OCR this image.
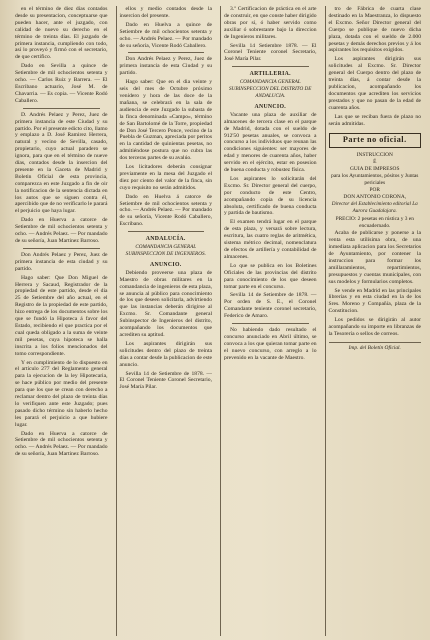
en el término de diez días contados desde su presentacion, conceptuarse que pueden hacer, ante el juzgado, con calidad de nuevo su derecho en el término de treinta días. El juzgado de primera instancia, cumpliendo con todo, así lo proveyó y firmó con el secretario, de que certifico.

Dado en Sevilla a quince de Setiembre de mil ochocientos setenta y ocho. — Carlos Ruiz y Barrera. — El Escribano actuario, José M. de Chavarria. — Es copia. — Vicente Rodó Caballero.

D. Andrés Pelaez y Perez, Juez de primera instancia de este Ciudad y su partido. Por el presente edicto cito, llamo y emplazo a D. José Ramirez Herrera, natural y vecino de Sevilla, casado, propietario, cuyo actual paradero se ignora, para que en el término de nueve días, contados desde la insercion del presente en la Gaceta de Madrid y Boletin Oficial de esta provincia, comparezca en este Juzgado a fin de oir la notificacion de la sentencia dictada en los autos que se siguen contra él, apercibido que de no verificarlo le parará el perjuicio que haya lugar.

Dado en Huerva a catorce de Setiembre de mil ochocientos setenta y ocho. — Andrés Pelaez. — Por mandado de su señoría, Juan Martinez Barroso.

Don Andrés Pelaez y Perez, Juez de primera instancia de esta ciudad y su partido.

Hago saber: Que Don Miguel de Herrera y Sacaud, Registrador de la propiedad de este partido, desde el dia 25 de Setiembre del año actual, en el Registro de la propiedad de este partido, hizo entrega de los documentos sobre los que se fundó la Hipoteca á favor del Estado, recibiendo el que practica por el cual queda obligado a la suma de veinte mil pesetas, cuya hipoteca se halla inscrita a los folios mencionados del tomo correspondiente.

Y en cumplimiento de lo dispuesto en el artículo 277 del Reglamento general para la ejecucion de la ley Hipotecaria, se hace público por medio del presente para que los que se crean con derecho a reclamar dentro del plazo de treinta días lo verifiquen ante este Juzgado; pues pasado dicho término sin haberlo hecho les parará el perjuicio a que hubiere lugar.

Dado en Huerva a catorce de Setiembre de mil ochocientos setenta y ocho. — Andrés Pelaez. — Por mandado de su señoría, Juan Martinez Barroso.

ellos y medio contados desde la insercion del presente.

Dado en Huelva a quince de Setiembre de mil ochocientos setenta y ocho. — Andrés Pelaez. — Por mandado de su señoría, Vicente Rodó Caballero.

Don Andrés Pelaez y Perez, Juez de primera instancia de esta Ciudad y su partido.

Hago saber: Que en el dia veinte y seis del mes de Octubre próximo venidero y hora de las doce de la mañana, se celebrará en la sala de audiencia de este Juzgado la subasta de la finca denominada «Campo», término de San Bartolomé de la Torre, propiedad de Don José Tercero Ponce, vecino de la Puebla de Guzman, apreciada por peritos en la cantidad de quinientas pesetas, no admitiéndose postura que no cubra las dos terceras partes de su avalúo.

Los licitadores deberán consignar previamente en la mesa del Juzgado el diez por ciento del valor de la finca, sin cuyo requisito no serán admitidos.

Dado en Huelva á catorce de Setiembre de mil ochocientos setenta y ocho. — Andrés Pelaez. — Por mandado de su señoría, Vicente Rodó Caballero, Escribano.

ANDALUCÍA.
COMANDANCIA GENERAL SUBINSPECCION DE INGENIEROS.
ANUNCIO.

Debiendo proveerse una plaza de Maestro de obras militares en la comandancia de ingenieros de esta plaza, se anuncia al público para conocimiento de los que deseen solicitarla, advirtiendo que las instancias deberán dirigirse al Excmo. Sr. Comandante general Subinspector de Ingenieros del distrito, acompañando los documentos que acrediten su aptitud.

Los aspirantes dirigirán sus solicitudes dentro del plazo de treinta días a contar desde la publicacion de este anuncio.

Sevilla 14 de Setiembre de 1878. — El Coronel Teniente Coronel Secretario, José María Pilar.

3.º Certificacion de práctica en el arte de construir, en que conste haber dirigido obras por sí, ó haber servido como auxiliar ó sobrestante bajo la direccion de Ingenieros militares.

Sevilla 14 Setiembre 1878. — El Coronel Teniente coronel Secretario, José María Pilar.

ARTILLERIA.
COMANDANCIA GENERAL SUBINSPECCION DEL DISTRITO DE ANDALUCIA.
ANUNCIO.

Vacante una plaza de auxiliar de almacenes de tercera clase en el parque de Madrid, dotada con el sueldo de 912'50 pesetas anuales, se convoca a concurso a los individuos que reunan las condiciones siguientes: ser mayores de edad y menores de cuarenta años, haber servido en el ejército, estar en posesion de buena conducta y robustez física.

Los aspirantes lo solicitarán del Excmo. Sr. Director general del cuerpo, por conducto de este Centro, acompañando copia de su licencia absoluta, certificado de buena conducta y partida de bautismo.

El examen tendrá lugar en el parque de esta plaza, y versará sobre lectura, escritura, las cuatro reglas de aritmética, sistema métrico decimal, nomenclatura de efectos de artillería y contabilidad de almacenes.

Lo que se publica en los Boletines Oficiales de las provincias del distrito para conocimiento de los que deseen tomar parte en el concurso.

Sevilla 14 de Setiembre de 1878. — Por orden de S. E., el Coronel Comandante teniente coronel secretario, Federico de Amaro.

No habiendo dado resultado el concurso anunciado en Abril último, se convoca a los que quieran tomar parte en el nuevo concurso, con arreglo a lo prevenido en la vacante de Maestro.

tro de Fábrica de cuarta clase destinado en la Maestranza, lo dispuesto el Excmo. Señor Director general del Cuerpo se publique de nuevo dicha plaza, dotada con el sueldo de 2.000 pesetas y demás derechos previos y á los aspirantes los requisitos exigidos.

Los aspirantes dirigirán sus solicitudes al Excmo. Sr. Director general del Cuerpo dentro del plazo de treinta días, á contar desde la publicacion, acompañando los documentos que acrediten los servicios prestados y que no pasan de la edad de cuarenta años.

Las que se reciban fuera de plazo no serán admitidas.

Parte no oficial.
INSTRUCCION
É
GUIA DE IMPRESOS
para los Ayuntamientos, pósitos y Juntas periciales
POR
DON ANTONIO CORONA,
Director del Establecimiento editorial La Aurora Guadalajara.
PRECIO: 2 pesetas en rústica y 3 en encuadernado.

Acaba de publicarse y ponerse a la venta esta utilísima obra, de una inmediata aplicacion para los Secretarios de Ayuntamiento, por contener la instruccion para formar los amillaramientos, repartimientos, presupuestos y cuentas municipales, con sus modelos y formularios completos.

Se vende en Madrid en las principales librerías y en esta ciudad en la de los Sres. Moreno y Compañía, plaza de la Constitucion.

Los pedidos se dirigirán al autor acompañando su importe en libranzas de la Tesorería o sellos de correos.

Imp. del Boletín Oficial.
